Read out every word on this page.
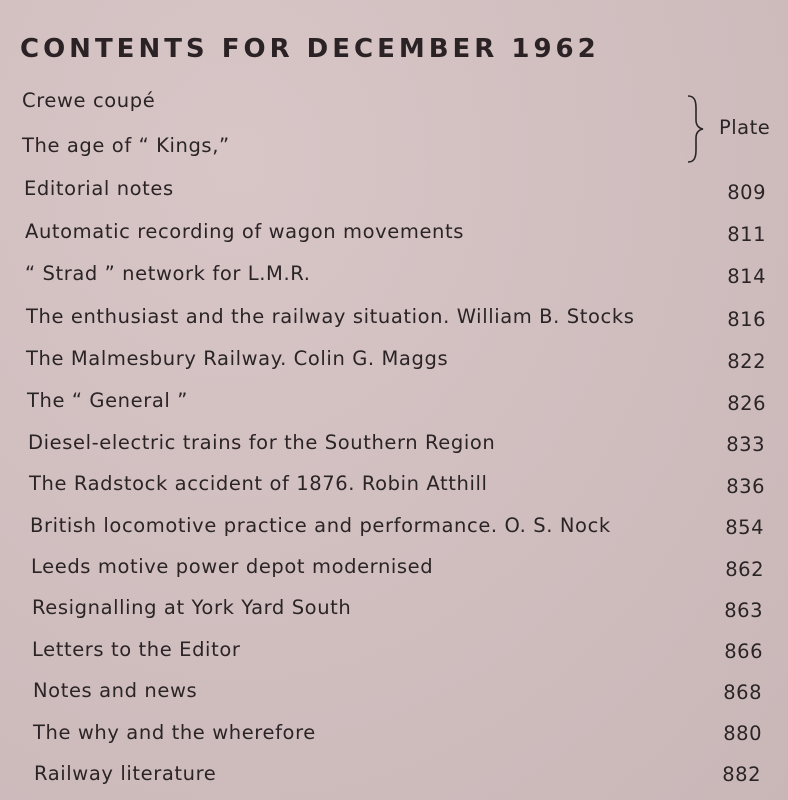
CONTENTS FOR DECEMBER 1962
Crewe coupé
The age of “ Kings‚”
Plate
Editorial notes	809
Automatic recording of wagon movements	811
“ Strad ” network for L.M.R.	814
The enthusiast and the railway situation. William B. Stocks	816
The Malmesbury Railway. Colin G. Maggs	822
The “ General ”	826
Diesel-electric trains for the Southern Region	833
The Radstock accident of 1876. Robin Atthill	836
British locomotive practice and performance. O. S. Nock	854
Leeds motive power depot modernised	862
Resignalling at York Yard South	863
Letters to the Editor	866
Notes and news	868
The why and the wherefore	880
Railway literature	882
